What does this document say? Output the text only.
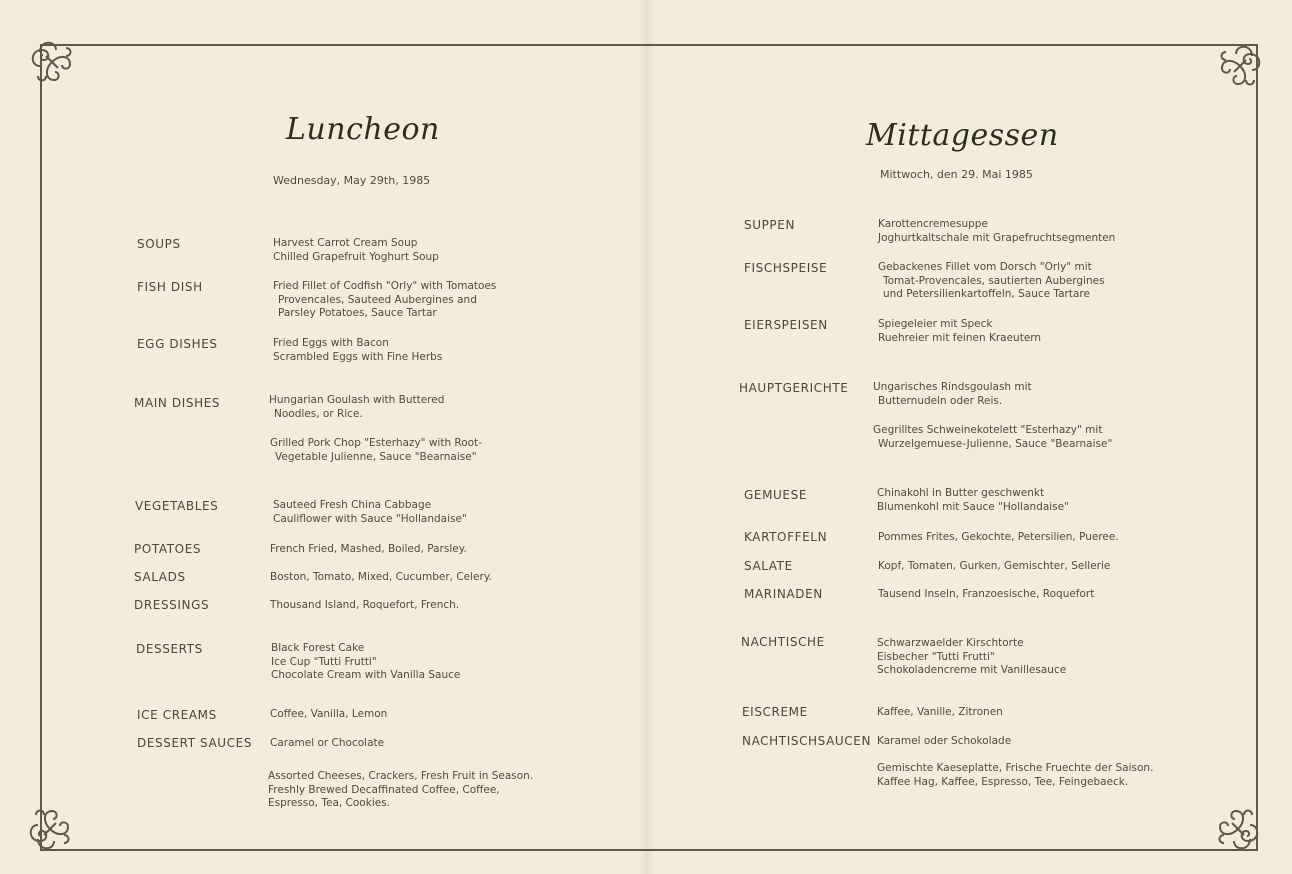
Luncheon
Wednesday, May 29th, 1985
SOUPS	Harvest Carrot Cream Soup
Chilled Grapefruit Yoghurt Soup
FISH DISH	Fried Fillet of Codfish "Orly" with Tomatoes
Provencales, Sauteed Aubergines and
Parsley Potatoes, Sauce Tartar
EGG DISHES	Fried Eggs with Bacon
Scrambled Eggs with Fine Herbs
MAIN DISHES	Hungarian Goulash with Buttered
Noodles, or Rice.
Grilled Pork Chop "Esterhazy" with Root-
Vegetable Julienne, Sauce "Bearnaise"
VEGETABLES	Sauteed Fresh China Cabbage
Cauliflower with Sauce "Hollandaise"
POTATOES	French Fried, Mashed, Boiled, Parsley.
SALADS	Boston, Tomato, Mixed, Cucumber, Celery.
DRESSINGS	Thousand Island, Roquefort, French.
DESSERTS	Black Forest Cake
Ice Cup "Tutti Frutti"
Chocolate Cream with Vanilla Sauce
ICE CREAMS	Coffee, Vanilla, Lemon
DESSERT SAUCES Caramel or Chocolate
Assorted Cheeses, Crackers, Fresh Fruit in Season.
Freshly Brewed Decaffinated Coffee, Coffee,
Espresso, Tea, Cookies.
Mittagessen
Mittwoch, den 29. Mai 1985
SUPPEN	Karottencremesuppe
Joghurtkaltschale mit Grapefruchtsegmenten
FISCHSPEISE	Gebackenes Fillet vom Dorsch "Orly" mit
Tomat-Provencales, sautierten Aubergines
und Petersilienkartoffeln, Sauce Tartare
EIERSPEISEN	Spiegeleier mit Speck
Ruehreier mit feinen Kraeutern
HAUPTGERICHTE Ungarisches Rindsgoulash mit
Butternudeln oder Reis.
Gegrilltes Schweinekotelett "Esterhazy" mit
Wurzelgemuese-Julienne, Sauce "Bearnaise"
GEMUESE	Chinakohl in Butter geschwenkt
Blumenkohl mit Sauce "Hollandaise"
KARTOFFELN	Pommes Frites, Gekochte, Petersilien, Pueree.
SALATE	Kopf, Tomaten, Gurken, Gemischter, Sellerie
MARINADEN	Tausend Inseln, Franzoesische, Roquefort
NACHTISCHE	Schwarzwaelder Kirschtorte
Eisbecher "Tutti Frutti"
Schokoladencreme mit Vanillesauce
EISCREME	Kaffee, Vanille, Zitronen
NACHTISCHSAUCEN Karamel oder Schokolade
Gemischte Kaeseplatte, Frische Fruechte der Saison.
Kaffee Hag, Kaffee, Espresso, Tee, Feingebaeck.
